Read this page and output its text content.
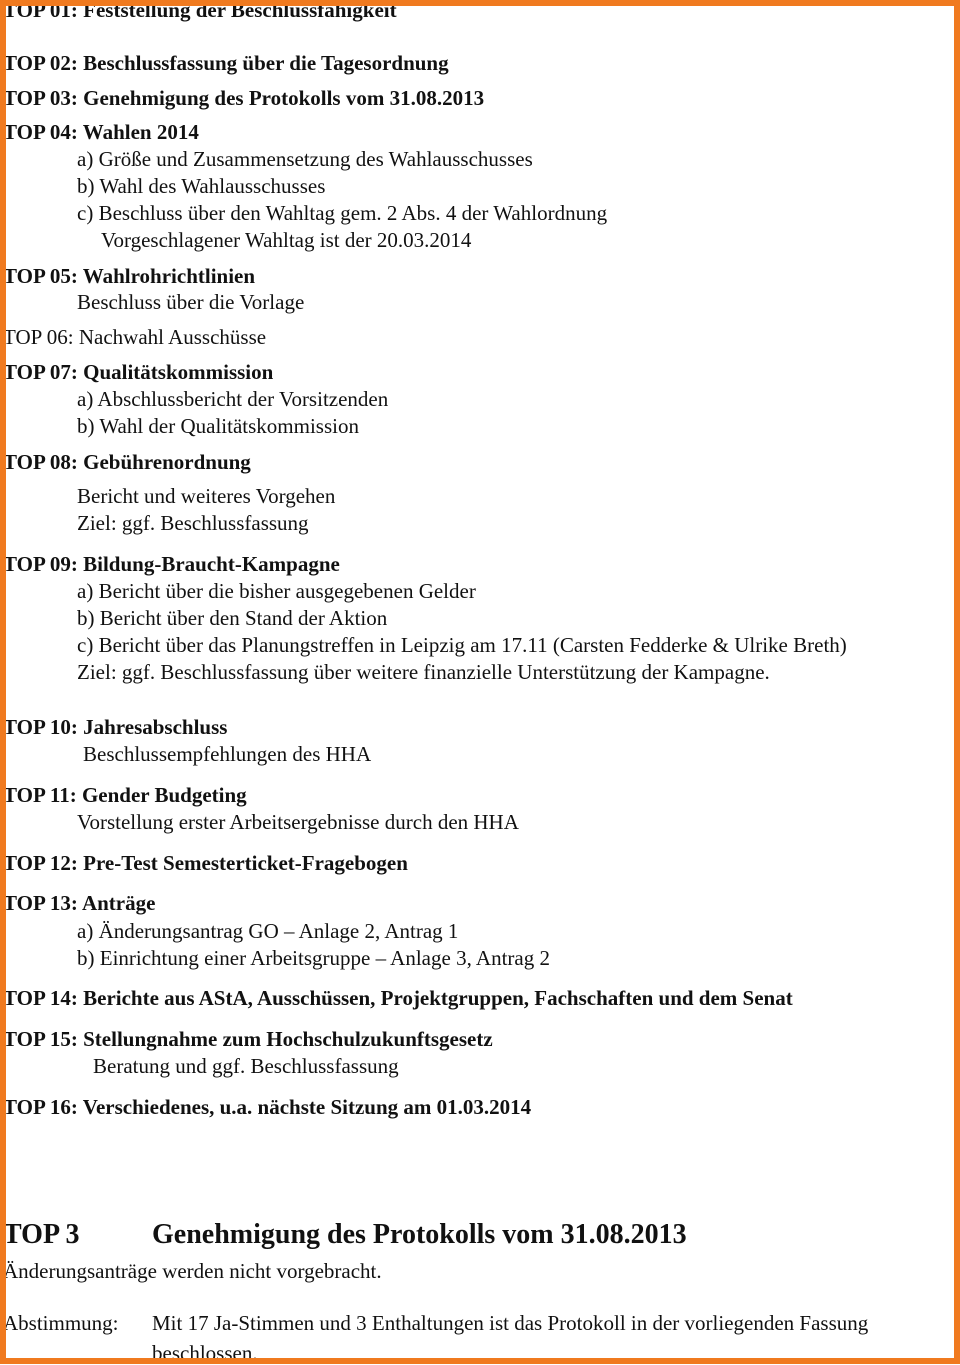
TOP 01: Feststellung der Beschlussfähigkeit
TOP 02: Beschlussfassung über die Tagesordnung
TOP 03: Genehmigung des Protokolls vom 31.08.2013
TOP 04: Wahlen 2014
a) Größe und Zusammensetzung des Wahlausschusses
b) Wahl des Wahlausschusses
c) Beschluss über den Wahltag gem. 2 Abs. 4 der Wahlordnung
Vorgeschlagener Wahltag ist der 20.03.2014
TOP 05: Wahlrohrichtlinien
Beschluss über die Vorlage
TOP 06: Nachwahl Ausschüsse
TOP 07: Qualitätskommission
a) Abschlussbericht der Vorsitzenden
b) Wahl der Qualitätskommission
TOP 08: Gebührenordnung
Bericht und weiteres Vorgehen
Ziel: ggf. Beschlussfassung
TOP 09: Bildung-Braucht-Kampagne
a) Bericht über die bisher ausgegebenen Gelder
b) Bericht über den Stand der Aktion
c) Bericht über das Planungstreffen in Leipzig am 17.11 (Carsten Fedderke & Ulrike Breth)
Ziel: ggf. Beschlussfassung über weitere finanzielle Unterstützung der Kampagne.
TOP 10: Jahresabschluss
Beschlussempfehlungen des HHA
TOP 11: Gender Budgeting
Vorstellung erster Arbeitsergebnisse durch den HHA
TOP 12: Pre-Test Semesterticket-Fragebogen
TOP 13: Anträge
a) Änderungsantrag GO – Anlage 2, Antrag 1
b) Einrichtung einer Arbeitsgruppe – Anlage 3, Antrag 2
TOP 14: Berichte aus AStA, Ausschüssen, Projektgruppen, Fachschaften und dem Senat
TOP 15: Stellungnahme zum Hochschulzukunftsgesetz
Beratung und ggf. Beschlussfassung
TOP 16: Verschiedenes, u.a. nächste Sitzung am 01.03.2014
TOP 3	Genehmigung des Protokolls vom 31.08.2013
Änderungsanträge werden nicht vorgebracht.
Abstimmung: Mit 17 Ja-Stimmen und 3 Enthaltungen ist das Protokoll in der vorliegenden Fassung
beschlossen.
